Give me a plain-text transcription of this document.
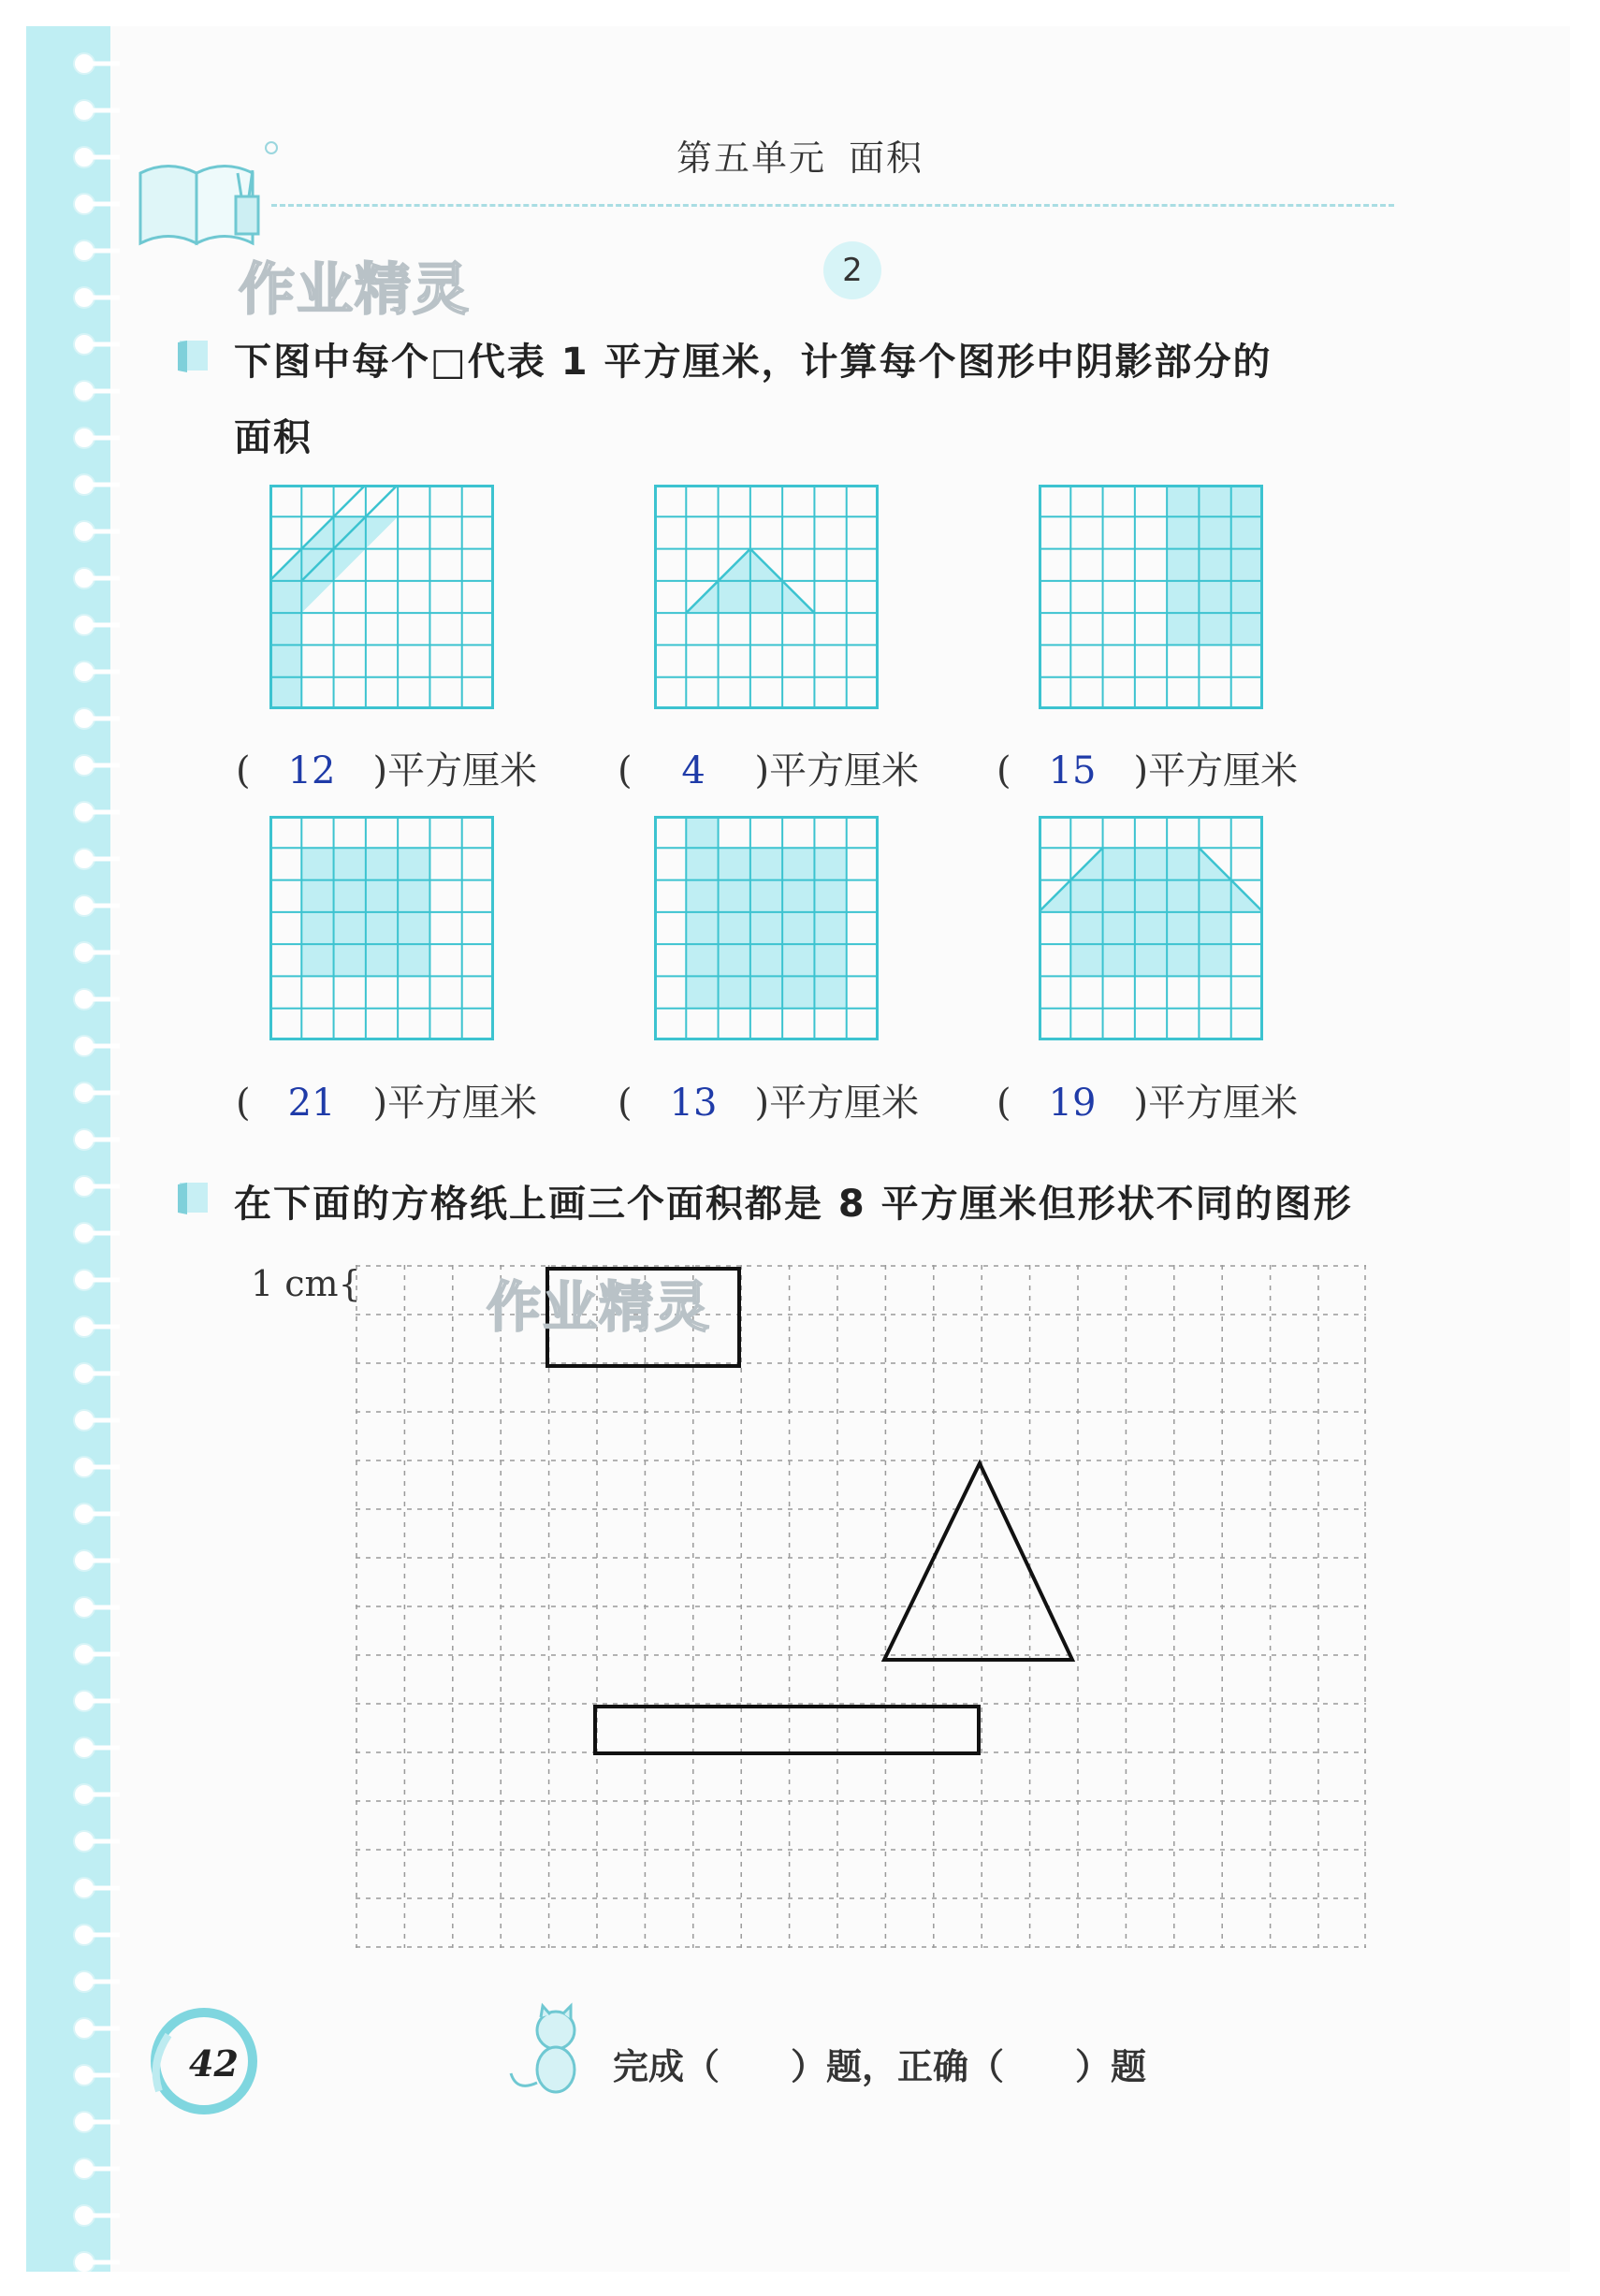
第五单元 面积
2
作业精灵
下图中每个□代表 1 平方厘米，计算每个图形中阴影部分的
面积
(　12　 )平方厘米 (　 4 　 )平方厘米 (　15　 )平方厘米
(　21　 )平方厘米 (　13　 )平方厘米 (　19　 )平方厘米
在下面的方格纸上画三个面积都是 8 平方厘米但形状不同的图形
1 cm{ 作业精灵
42	完成（　　）题，正确（　　）题
